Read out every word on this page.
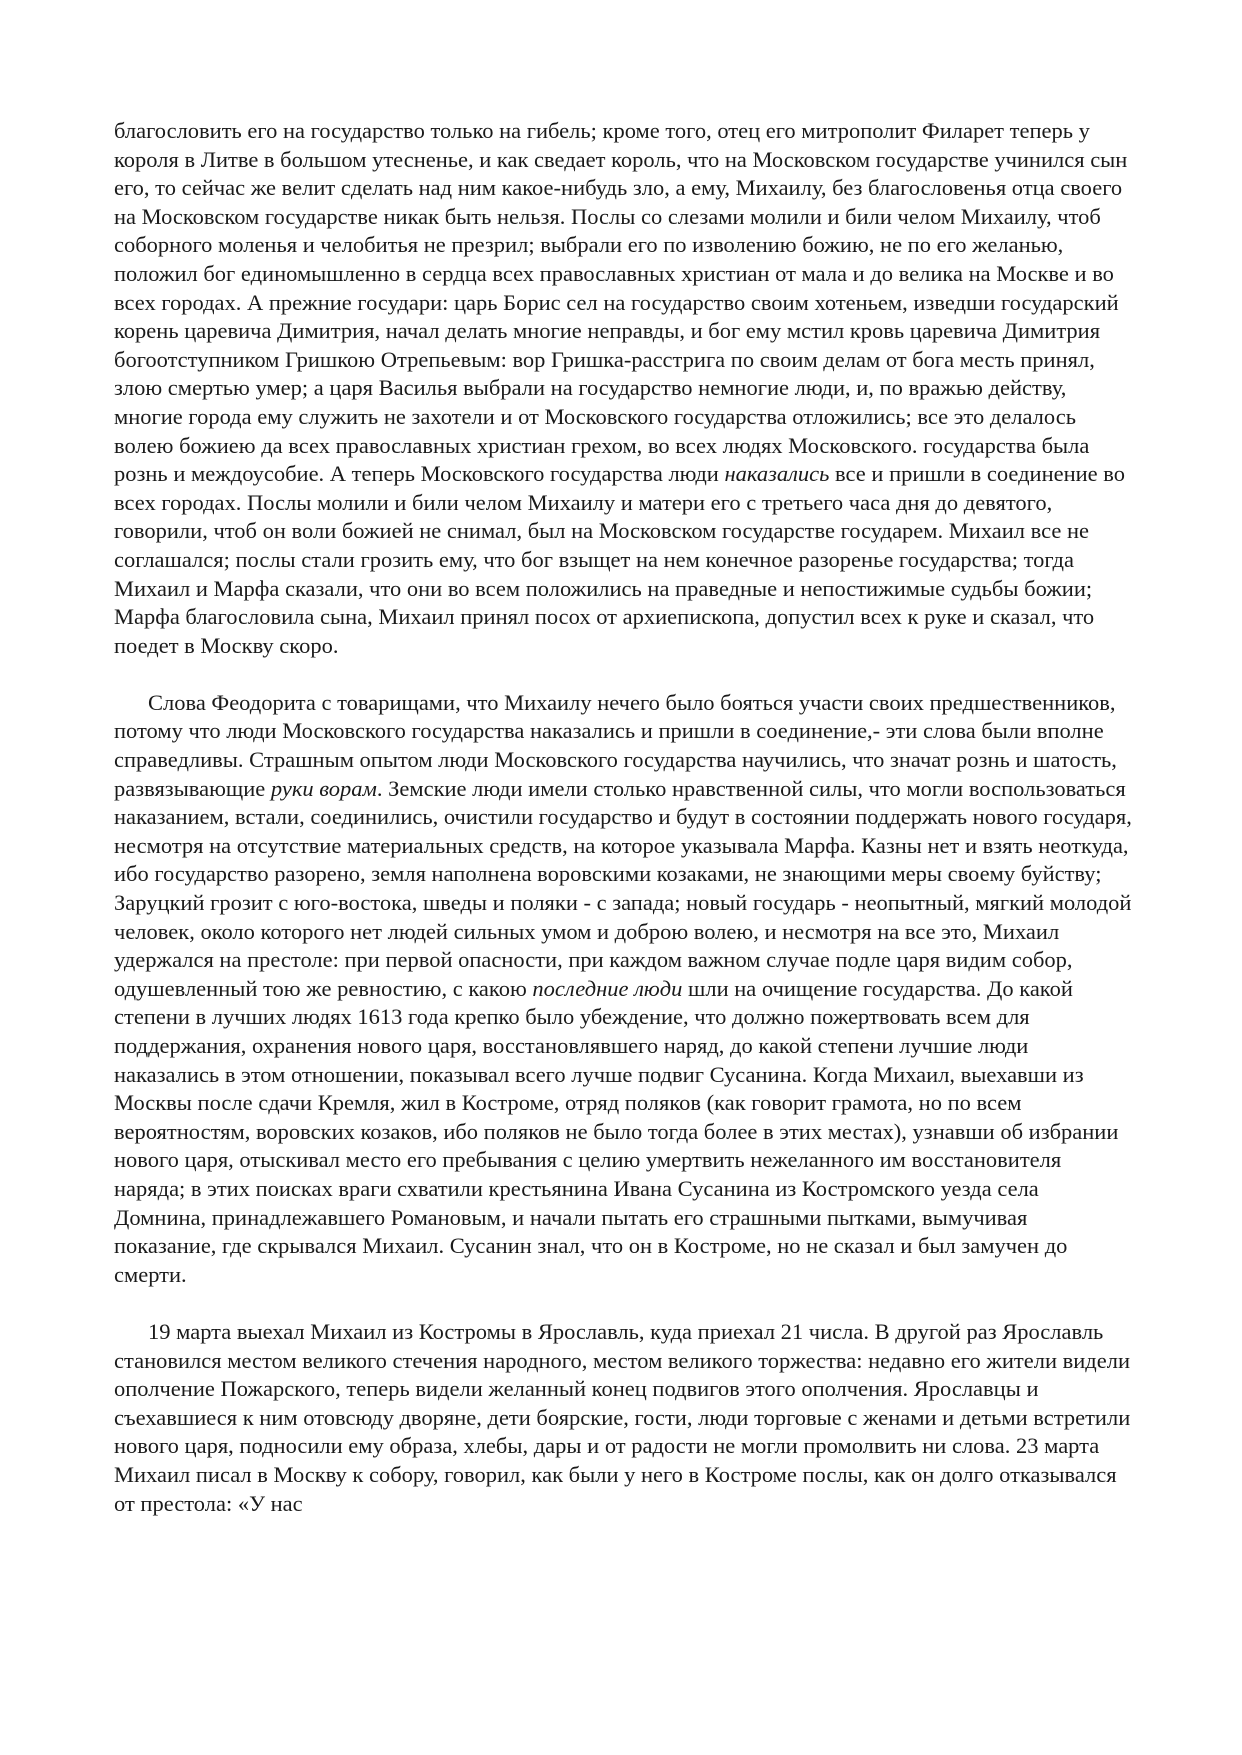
благословить его на государство только на гибель; кроме того, отец его митрополит Филарет теперь у короля в Литве в большом утесненье, и как сведает король, что на Московском государстве учинился сын его, то сейчас же велит сделать над ним какое-нибудь зло, а ему, Михаилу, без благословенья отца своего на Московском государстве никак быть нельзя. Послы со слезами молили и били челом Михаилу, чтоб соборного моленья и челобитья не презрил; выбрали его по изволению божию, не по его желанью, положил бог единомышленно в сердца всех православных христиан от мала и до велика на Москве и во всех городах. А прежние государи: царь Борис сел на государство своим хотеньем, изведши государский корень царевича Димитрия, начал делать многие неправды, и бог ему мстил кровь царевича Димитрия богоотступником Гришкою Отрепьевым: вор Гришка-расстрига по своим делам от бога месть принял, злою смертью умер; а царя Василья выбрали на государство немногие люди, и, по вражью действу, многие города ему служить не захотели и от Московского государства отложились; все это делалось волею божиею да всех православных христиан грехом, во всех людях Московского. государства была рознь и междоусобие. А теперь Московского государства люди наказались все и пришли в соединение во всех городах. Послы молили и били челом Михаилу и матери его с третьего часа дня до девятого, говорили, чтоб он воли божией не снимал, был на Московском государстве государем. Михаил все не соглашался; послы стали грозить ему, что бог взыщет на нем конечное разоренье государства; тогда Михаил и Марфа сказали, что они во всем положились на праведные и непостижимые судьбы божии; Марфа благословила сына, Михаил принял посох от архиепископа, допустил всех к руке и сказал, что поедет в Москву скоро.

Слова Феодорита с товарищами, что Михаилу нечего было бояться участи своих предшественников, потому что люди Московского государства наказались и пришли в соединение,- эти слова были вполне справедливы. Страшным опытом люди Московского государства научились, что значат рознь и шатость, развязывающие руки ворам. Земские люди имели столько нравственной силы, что могли воспользоваться наказанием, встали, соединились, очистили государство и будут в состоянии поддержать нового государя, несмотря на отсутствие материальных средств, на которое указывала Марфа. Казны нет и взять неоткуда, ибо государство разорено, земля наполнена воровскими козаками, не знающими меры своему буйству; Заруцкий грозит с юго-востока, шведы и поляки - с запада; новый государь - неопытный, мягкий молодой человек, около которого нет людей сильных умом и доброю волею, и несмотря на все это, Михаил удержался на престоле: при первой опасности, при каждом важном случае подле царя видим собор, одушевленный тою же ревностию, с какою последние люди шли на очищение государства. До какой степени в лучших людях 1613 года крепко было убеждение, что должно пожертвовать всем для поддержания, охранения нового царя, восстановлявшего наряд, до какой степени лучшие люди наказались в этом отношении, показывал всего лучше подвиг Сусанина. Когда Михаил, выехавши из Москвы после сдачи Кремля, жил в Костроме, отряд поляков (как говорит грамота, но по всем вероятностям, воровских козаков, ибо поляков не было тогда более в этих местах), узнавши об избрании нового царя, отыскивал место его пребывания с целию умертвить нежеланного им восстановителя наряда; в этих поисках враги схватили крестьянина Ивана Сусанина из Костромского уезда села Домнина, принадлежавшего Романовым, и начали пытать его страшными пытками, вымучивая показание, где скрывался Михаил. Сусанин знал, что он в Костроме, но не сказал и был замучен до смерти.

19 марта выехал Михаил из Костромы в Ярославль, куда приехал 21 числа. В другой раз Ярославль становился местом великого стечения народного, местом великого торжества: недавно его жители видели ополчение Пожарского, теперь видели желанный конец подвигов этого ополчения. Ярославцы и съехавшиеся к ним отовсюду дворяне, дети боярские, гости, люди торговые с женами и детьми встретили нового царя, подносили ему образа, хлебы, дары и от радости не могли промолвить ни слова. 23 марта Михаил писал в Москву к собору, говорил, как были у него в Костроме послы, как он долго отказывался от престола: «У нас
